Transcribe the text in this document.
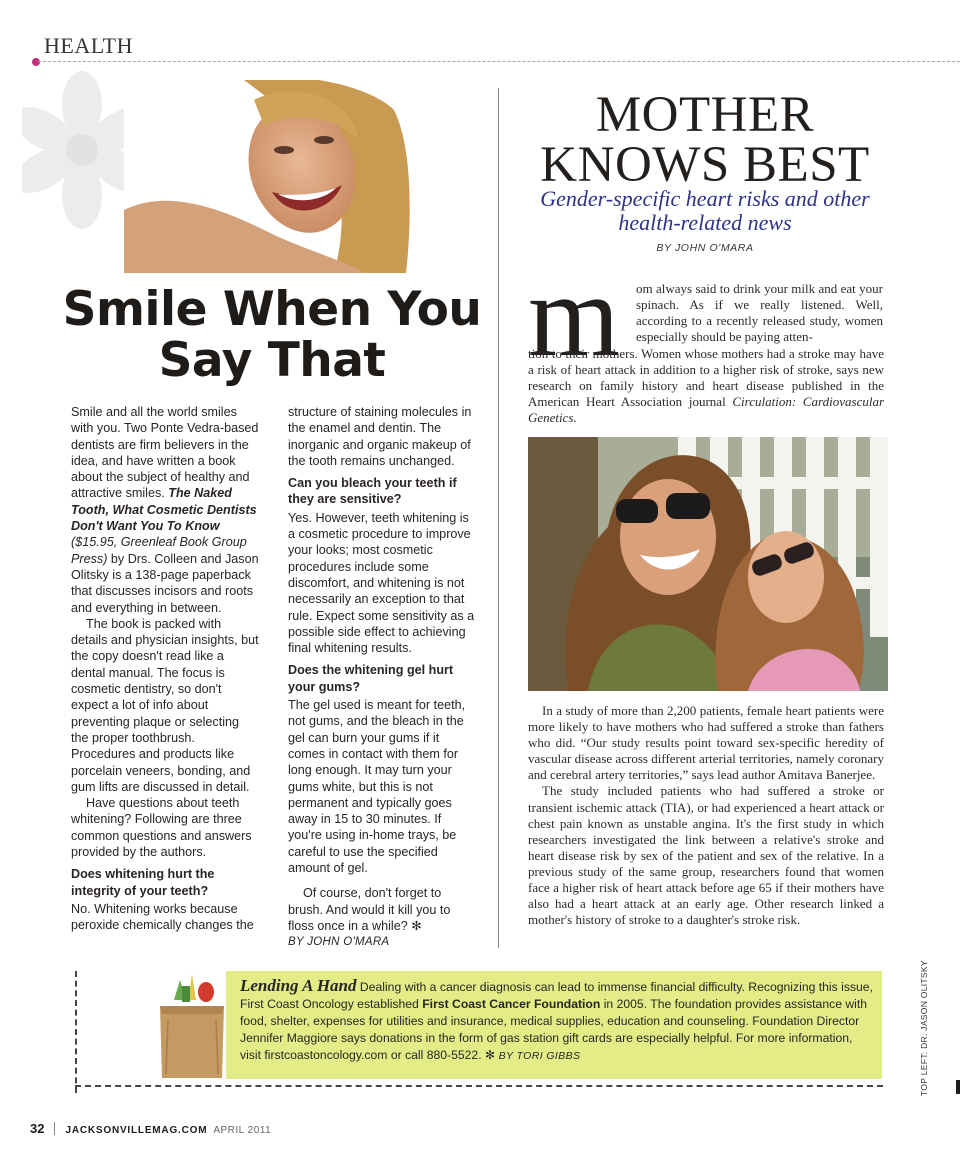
HEALTH
Smile When You
Say That

Smile and all the world smiles with you. Two Ponte Vedra-based dentists are firm believers in the idea, and have written a book about the subject of healthy and attractive smiles. The Naked Tooth, What Cosmetic Dentists Don't Want You To Know ($15.95, Greenleaf Book Group Press) by Drs. Colleen and Jason Olitsky is a 138-page paperback that discusses incisors and roots and everything in between.

The book is packed with details and physician insights, but the copy doesn't read like a dental manual. The focus is cosmetic dentistry, so don't expect a lot of info about preventing plaque or selecting the proper toothbrush. Procedures and products like porcelain veneers, bonding, and gum lifts are discussed in detail.

Have questions about teeth whitening? Following are three common questions and answers provided by the authors.

Does whitening hurt the integrity of your teeth?

No. Whitening works because peroxide chemically changes the

structure of staining molecules in the enamel and dentin. The inorganic and organic makeup of the tooth remains unchanged.

Can you bleach your teeth if they are sensitive?

Yes. However, teeth whitening is a cosmetic procedure to improve your looks; most cosmetic procedures include some discomfort, and whitening is not necessarily an exception to that rule. Expect some sensitivity as a possible side effect to achieving final whitening results.

Does the whitening gel hurt your gums?

The gel used is meant for teeth, not gums, and the bleach in the gel can burn your gums if it comes in contact with them for long enough. It may turn your gums white, but this is not permanent and typically goes away in 15 to 30 minutes. If you're using in-home trays, be careful to use the specified amount of gel.

Of course, don't forget to brush. And would it kill you to floss once in a while? ✻

BY JOHN O'MARA

MOTHER
KNOWS BEST
Gender-specific heart risks and other health-related news
BY JOHN O'MARA
m om always said to drink your milk and eat your spinach. As if we really listened. Well, according to a recently released study, women especially should be paying atten-
tion to their mothers. Women whose mothers had a stroke may have a risk of heart attack in addition to a higher risk of stroke, says new research on family history and heart disease published in the American Heart Association journal Circulation: Cardiovascular Genetics.

In a study of more than 2,200 patients, female heart patients were more likely to have mothers who had suffered a stroke than fathers who did. “Our study results point toward sex-specific heredity of vascular disease across different arterial territories, namely coronary and cerebral artery territories,” says lead author Amitava Banerjee.

The study included patients who had suffered a stroke or transient ischemic attack (TIA), or had experienced a heart attack or chest pain known as unstable angina. It's the first study in which researchers investigated the link between a relative's stroke and heart disease risk by sex of the patient and sex of the relative. In a previous study of the same group, researchers found that women face a higher risk of heart attack before age 65 if their mothers have also had a heart attack at an early age. Other research linked a mother's history of stroke to a daughter's stroke risk.

Lending A Hand Dealing with a cancer diagnosis can lead to immense financial difficulty. Recognizing this issue, First Coast Oncology established First Coast Cancer Foundation in 2005. The foundation provides assistance with food, shelter, expenses for utilities and insurance, medical supplies, education and counseling. Foundation Director Jennifer Maggiore says donations in the form of gas station gift cards are especially helpful. For more information, visit firstcoastoncology.com or call 880-5522. ✻ BY TORI GIBBS	TOP LEFT: DR. JASON OLITSKY
32 JACKSONVILLEMAG.COM APRIL 2011
